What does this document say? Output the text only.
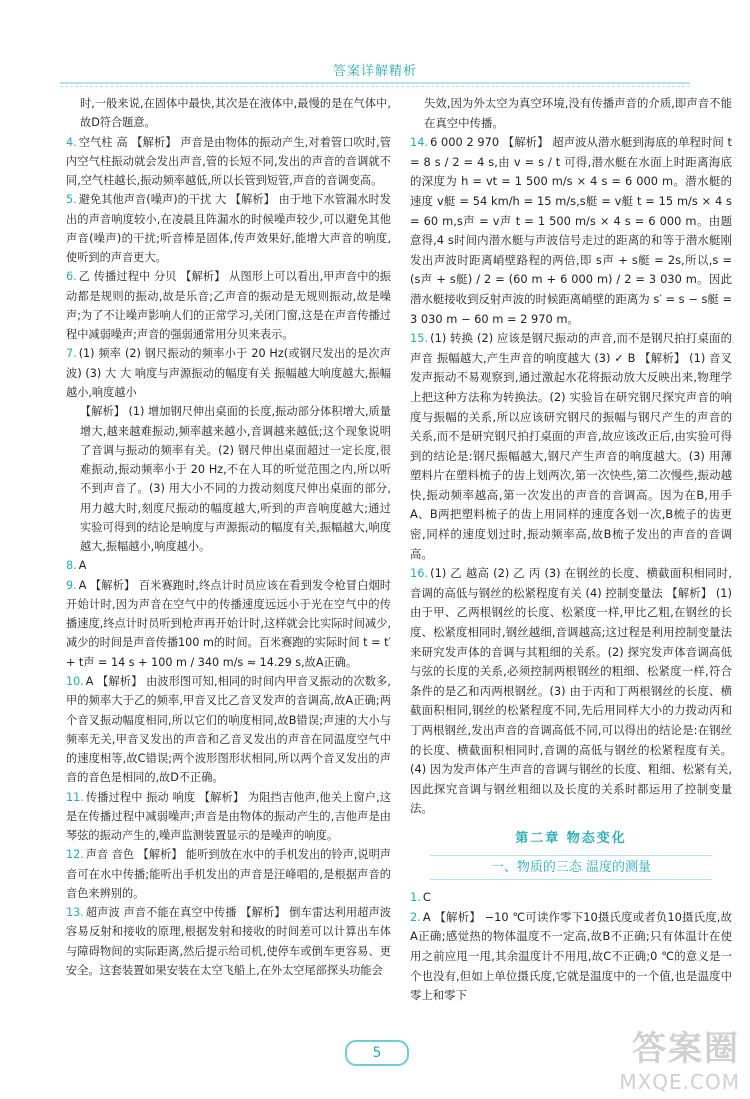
答案详解精析
时,一般来说,在固体中最快,其次是在液体中,最慢的是在气体中,故D符合题意。
4. 空气柱 高 【解析】 声音是由物体的振动产生,对着管口吹时,管内空气柱振动就会发出声音,管的长短不同,发出的声音的音调就不同,空气柱越长,振动频率越低,所以长管到短管,声音的音调变高。
5. 避免其他声音(噪声)的干扰 大 【解析】 由于地下水管漏水时发出的声音响度较小,在凌晨且阵漏水的时候噪声较少,可以避免其他声音(噪声)的干扰;听音棒是固体,传声效果好,能增大声音的响度,使听到的声音更大。
6. 乙 传播过程中 分贝 【解析】 从图形上可以看出,甲声音中的振动都是规则的振动,故是乐音;乙声音的振动是无规则振动,故是噪声;为了不让噪声影响人们的正常学习,关闭门窗,这是在声音传播过程中减弱噪声;声音的强弱通常用分贝来表示。
7. (1) 频率 (2) 钢尺振动的频率小于 20 Hz(或钢尺发出的是次声波) (3) 大 大 响度与声源振动的幅度有关 振幅越大响度越大,振幅越小,响度越小
【解析】 (1) 增加钢尺伸出桌面的长度,振动部分体积增大,质量增大,越来越难振动,频率越来越小,音调越来越低;这个现象说明了音调与振动的频率有关。(2) 钢尺伸出桌面超过一定长度,很难振动,振动频率小于 20 Hz,不在人耳的听觉范围之内,所以听不到声音了。(3) 用大小不同的力拨动刻度尺伸出桌面的部分,用力越大时,刻度尺振动的幅度越大,听到的声音响度越大;通过实验可得到的结论是响度与声源振动的幅度有关,振幅越大,响度越大,振幅越小,响度越小。
8. A
9. A 【解析】 百米赛跑时,终点计时员应该在看到发令枪冒白烟时开始计时,因为声音在空气中的传播速度远远小于光在空气中的传播速度,终点计时员听到枪声再开始计时,这样就会比实际时间减少,减少的时间是声音传播100 m的时间。百米赛跑的实际时间 t = t′ + t声 = 14 s + 100 m / 340 m/s ≈ 14.29 s,故A正确。
10. A 【解析】 由波形图可知,相同的时间内甲音叉振动的次数多,甲的频率大于乙的频率,甲音叉比乙音叉发声的音调高,故A正确;两个音叉振动幅度相同,所以它们的响度相同,故B错误;声速的大小与频率无关,甲音叉发出的声音和乙音叉发出的声音在同温度空气中的速度相等,故C错误;两个波形图形状相同,所以两个音叉发出的声音的音色是相同的,故D不正确。
11. 传播过程中 振动 响度 【解析】 为阻挡吉他声,他关上窗户,这是在传播过程中减弱噪声;声音是由物体的振动产生的,吉他声是由琴弦的振动产生的,噪声监测装置显示的是噪声的响度。
12. 声音 音色 【解析】 能听到放在水中的手机发出的铃声,说明声音可在水中传播;能听出手机发出的声音是汪峰唱的,是根据声音的音色来辨别的。
13. 超声波 声音不能在真空中传播 【解析】 倒车雷达利用超声波容易反射和接收的原理,根据发射和接收的时间差可以计算出车体与障碍物间的实际距离,然后提示给司机,使停车或倒车更容易、更安全。这套装置如果安装在太空飞船上,在外太空尾部探头功能会
失效,因为外太空为真空环境,没有传播声音的介质,即声音不能在真空中传播。
14. 6 000 2 970 【解析】 超声波从潜水艇到海底的单程时间 t = 8 s / 2 = 4 s,由 v = s / t 可得,潜水艇在水面上时距离海底的深度为 h = vt = 1 500 m/s × 4 s = 6 000 m。潜水艇的速度 v艇 = 54 km/h = 15 m/s,s艇 = v艇 t = 15 m/s × 4 s = 60 m,s声 = v声 t = 1 500 m/s × 4 s = 6 000 m。由题意得,4 s时间内潜水艇与声波信号走过的距离的和等于潜水艇刚发出声波时距离峭壁路程的两倍,即 s声 + s艇 = 2s,所以,s = (s声 + s艇) / 2 = (60 m + 6 000 m) / 2 = 3 030 m。因此潜水艇接收到反射声波的时候距离峭壁的距离为 s′ = s − s艇 = 3 030 m − 60 m = 2 970 m。
15. (1) 转换 (2) 应该是钢尺振动的声音,而不是钢尺拍打桌面的声音 振幅越大,产生声音的响度越大 (3) ✓ B 【解析】 (1) 音叉发声振动不易观察到,通过激起水花将振动放大反映出来,物理学上把这种方法称为转换法。(2) 实验旨在研究钢尺探究声音的响度与振幅的关系,所以应该研究钢尺的振幅与钢尺产生的声音的关系,而不是研究钢尺拍打桌面的声音,故应该改正后,由实验可得到的结论是:钢尺振幅越大,钢尺产生声音的响度越大。(3) 用薄塑料片在塑料梳子的齿上划两次,第一次快些,第二次慢些,振动越快,振动频率越高,第一次发出的声音的音调高。因为在B,用手A、B两把塑料梳子的齿上用同样的速度各划一次,B梳子的齿更密,同样的速度划过时,振动频率高,故B梳子发出的声音的音调高。
16. (1) 乙 越高 (2) 乙 丙 (3) 在钢丝的长度、横截面积相同时,音调的高低与钢丝的松紧程度有关 (4) 控制变量法 【解析】 (1) 由于甲、乙两根钢丝的长度、松紧度一样,甲比乙粗,在钢丝的长度、松紧度相同时,钢丝越细,音调越高;这过程是利用控制变量法来研究发声体的音调与其粗细的关系。(2) 探究发声体音调高低与弦的长度的关系,必须控制两根钢丝的粗细、松紧度一样,符合条件的是乙和丙两根钢丝。(3) 由于丙和丁两根钢丝的长度、横截面积相同,钢丝的松紧程度不同,先后用同样大小的力拨动丙和丁两根钢丝,发出声音的音调高低不同,可以得出的结论是:在钢丝的长度、横截面积相同时,音调的高低与钢丝的松紧程度有关。(4) 因为发声体产生声音的音调与钢丝的长度、粗细、松紧有关,因此探究音调与钢丝粗细以及长度的关系时都运用了控制变量法。
第二章 物态变化
一、物质的三态 温度的测量
1. C
2. A 【解析】 −10 ℃可读作零下10摄氏度或者负10摄氏度,故A正确;感觉热的物体温度不一定高,故B不正确;只有体温计在使用之前应甩一甩,其余温度计不用甩,故C不正确;0 ℃的意义是一个也没有,但如上单位摄氏度,它就是温度中的一个值,也是温度中零上和零下
5	答案圈
MXQE.COM
